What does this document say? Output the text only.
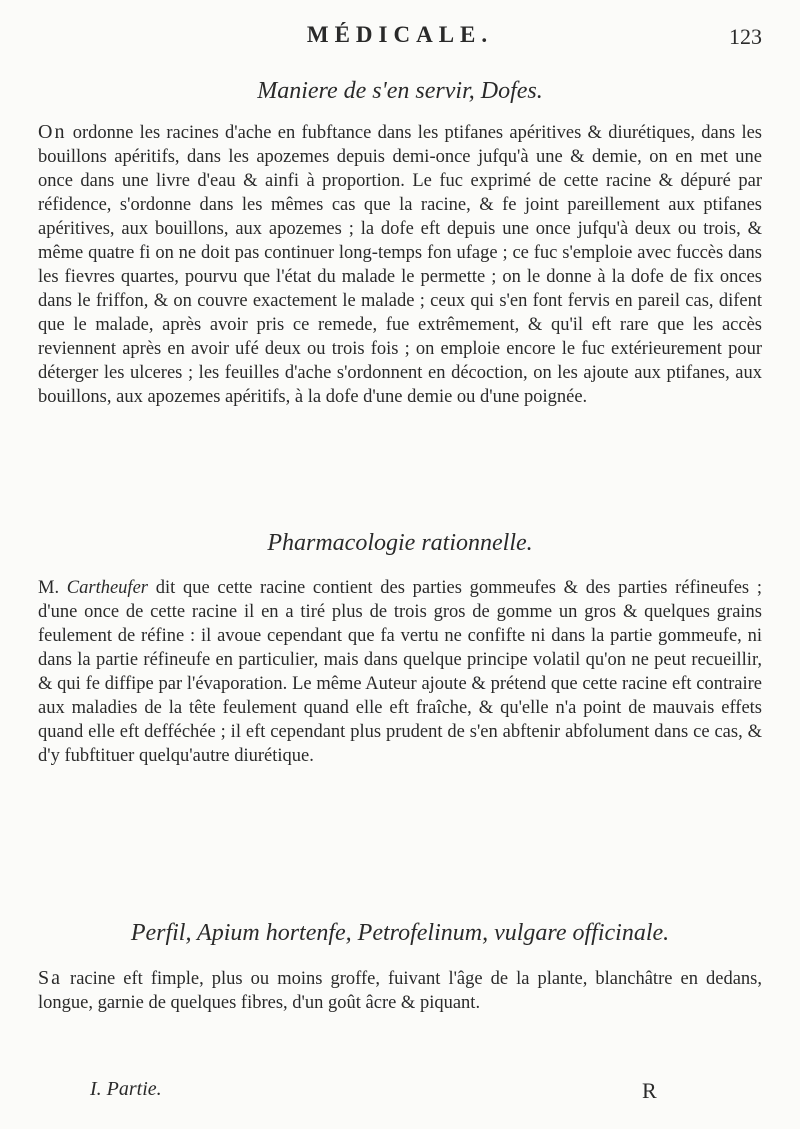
MÉDICALE.	123
Maniere de s'en servir, Dofes.

On ordonne les racines d'ache en fubftance dans les ptifanes apéritives & diurétiques, dans les bouillons apéritifs, dans les apozemes depuis demi-once jufqu'à une & demie, on en met une once dans une livre d'eau & ainfi à proportion. Le fuc exprimé de cette racine & dépuré par réfidence, s'ordonne dans les mêmes cas que la racine, & fe joint pareillement aux ptifanes apéritives, aux bouillons, aux apozemes ; la dofe eft depuis une once jufqu'à deux ou trois, & même quatre fi on ne doit pas continuer long-temps fon ufage ; ce fuc s'emploie avec fuccès dans les fievres quartes, pourvu que l'état du malade le permette ; on le donne à la dofe de fix onces dans le friffon, & on couvre exactement le malade ; ceux qui s'en font fervis en pareil cas, difent que le malade, après avoir pris ce remede, fue extrêmement, & qu'il eft rare que les accès reviennent après en avoir ufé deux ou trois fois ; on emploie encore le fuc extérieurement pour déterger les ulceres ; les feuilles d'ache s'ordonnent en décoction, on les ajoute aux ptifanes, aux bouillons, aux apozemes apéritifs, à la dofe d'une demie ou d'une poignée.

Pharmacologie rationnelle.

M. Cartheufer dit que cette racine contient des parties gommeufes & des parties réfineufes ; d'une once de cette racine il en a tiré plus de trois gros de gomme un gros & quelques grains feulement de réfine : il avoue cependant que fa vertu ne confifte ni dans la partie gommeufe, ni dans la partie réfineufe en particulier, mais dans quelque principe volatil qu'on ne peut recueillir, & qui fe diffipe par l'évaporation. Le même Auteur ajoute & prétend que cette racine eft contraire aux maladies de la tête feulement quand elle eft fraîche, & qu'elle n'a point de mauvais effets quand elle eft defféchée ; il eft cependant plus prudent de s'en abftenir abfolument dans ce cas, & d'y fubftituer quelqu'autre diurétique.

Perfil, Apium hortenfe, Petrofelinum, vulgare officinale.

Sa racine eft fimple, plus ou moins groffe, fuivant l'âge de la plante, blanchâtre en dedans, longue, garnie de quelques fibres, d'un goût âcre & piquant.

I. Partie.	R
